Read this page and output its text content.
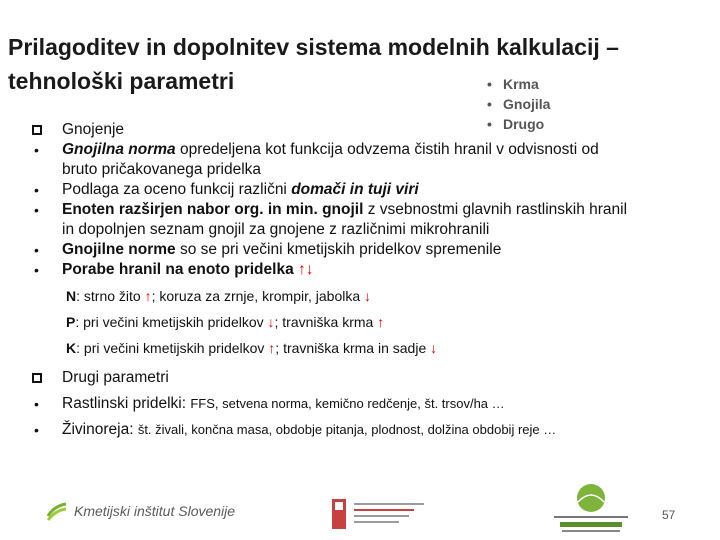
Prilagoditev in dopolnitev sistema modelnih kalkulacij –
tehnološki parametri	• Krma
• Gnojila
• Drugo
Gnojenje
•	Gnojilna norma opredeljena kot funkcija odvzema čistih hranil v odvisnosti od
bruto pričakovanega pridelka
•	Podlaga za oceno funkcij različni domači in tuji viri
•	Enoten razširjen nabor org. in min. gnojil z vsebnostmi glavnih rastlinskih hranil
in dopolnjen seznam gnojil za gnojene z različnimi mikrohranili
•	Gnojilne norme so se pri večini kmetijskih pridelkov spremenile
•	Porabe hranil na enoto pridelka ↑↓
N: strno žito ↑; koruza za zrnje, krompir, jabolka ↓
P: pri večini kmetijskih pridelkov ↓; travniška krma ↑
K: pri večini kmetijskih pridelkov ↑; travniška krma in sadje ↓
Drugi parametri
•	Rastlinski pridelki: FFS, setvena norma, kemično redčenje, št. trsov/ha …
•	Živinoreja: št. živali, končna masa, obdobje pitanja, plodnost, dolžina obdobij reje …
Kmetijski inštitut Slovenije	57
